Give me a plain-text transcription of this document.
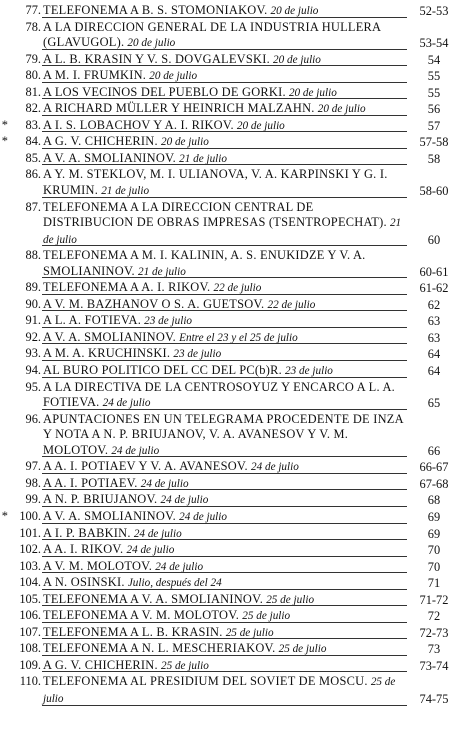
77. TELEFONEMA A B. S. STOMONIAKOV. 20 de julio	52-53
78. A LA DIRECCION GENERAL DE LA INDUSTRIA HULLERA (GLAVUGOL). 20 de julio	53-54
79. A L. B. KRASIN Y V. S. DOVGALEVSKI. 20 de julio	54
80. A M. I. FRUMKIN. 20 de julio	55
81. A LOS VECINOS DEL PUEBLO DE GORKI. 20 de julio	55
82. A RICHARD MÜLLER Y HEINRICH MALZAHN. 20 de julio	56
*	83. A I. S. LOBACHOV Y A. I. RIKOV. 20 de julio	57
*	84. A G. V. CHICHERIN. 20 de julio	57-58
85. A V. A. SMOLIANINOV. 21 de julio	58
86. A Y. M. STEKLOV, M. I. ULIANOVA, V. A. KARPINSKI Y G. I. KRUMIN. 21 de julio	58-60
87. TELEFONEMA A LA DIRECCION CENTRAL DE DISTRIBUCION DE OBRAS IMPRESAS (TSENTROPECHAT). 21 de julio	60
88. TELEFONEMA A M. I. KALININ, A. S. ENUKIDZE Y V. A. SMOLIANINOV. 21 de julio	60-61
89. TELEFONEMA A A. I. RIKOV. 22 de julio	61-62
90. A V. M. BAZHANOV O S. A. GUETSOV. 22 de julio	62
91. A L. A. FOTIEVA. 23 de julio	63
92. A V. A. SMOLIANINOV. Entre el 23 y el 25 de julio	63
93. A M. A. KRUCHINSKI. 23 de julio	64
94. AL BURO POLITICO DEL CC DEL PC(b)R. 23 de julio	64
95. A LA DIRECTIVA DE LA CENTROSOYUZ Y ENCARCO A L. A. FOTIEVA. 24 de julio	65
96. APUNTACIONES EN UN TELEGRAMA PROCEDENTE DE INZA Y NOTA A N. P. BRIUJANOV, V. A. AVANESOV Y V. M. MOLOTOV. 24 de julio	66
97. A A. I. POTIAEV Y V. A. AVANESOV. 24 de julio	66-67
98. A A. I. POTIAEV. 24 de julio	67-68
99. A N. P. BRIUJANOV. 24 de julio	68
* 100. A V. A. SMOLIANINOV. 24 de julio	69
101. A I. P. BABKIN. 24 de julio	69
102. A A. I. RIKOV. 24 de julio	70
103. A V. M. MOLOTOV. 24 de julio	70
104. A N. OSINSKI. Julio, después del 24	71
105. TELEFONEMA A V. A. SMOLIANINOV. 25 de julio	71-72
106. TELEFONEMA A V. M. MOLOTOV. 25 de julio	72
107. TELEFONEMA A L. B. KRASIN. 25 de julio	72-73
108. TELEFONEMA A N. L. MESCHERIAKOV. 25 de julio	73
109. A G. V. CHICHERIN. 25 de julio	73-74
110. TELEFONEMA AL PRESIDIUM DEL SOVIET DE MOSCU. 25 de julio	74-75
